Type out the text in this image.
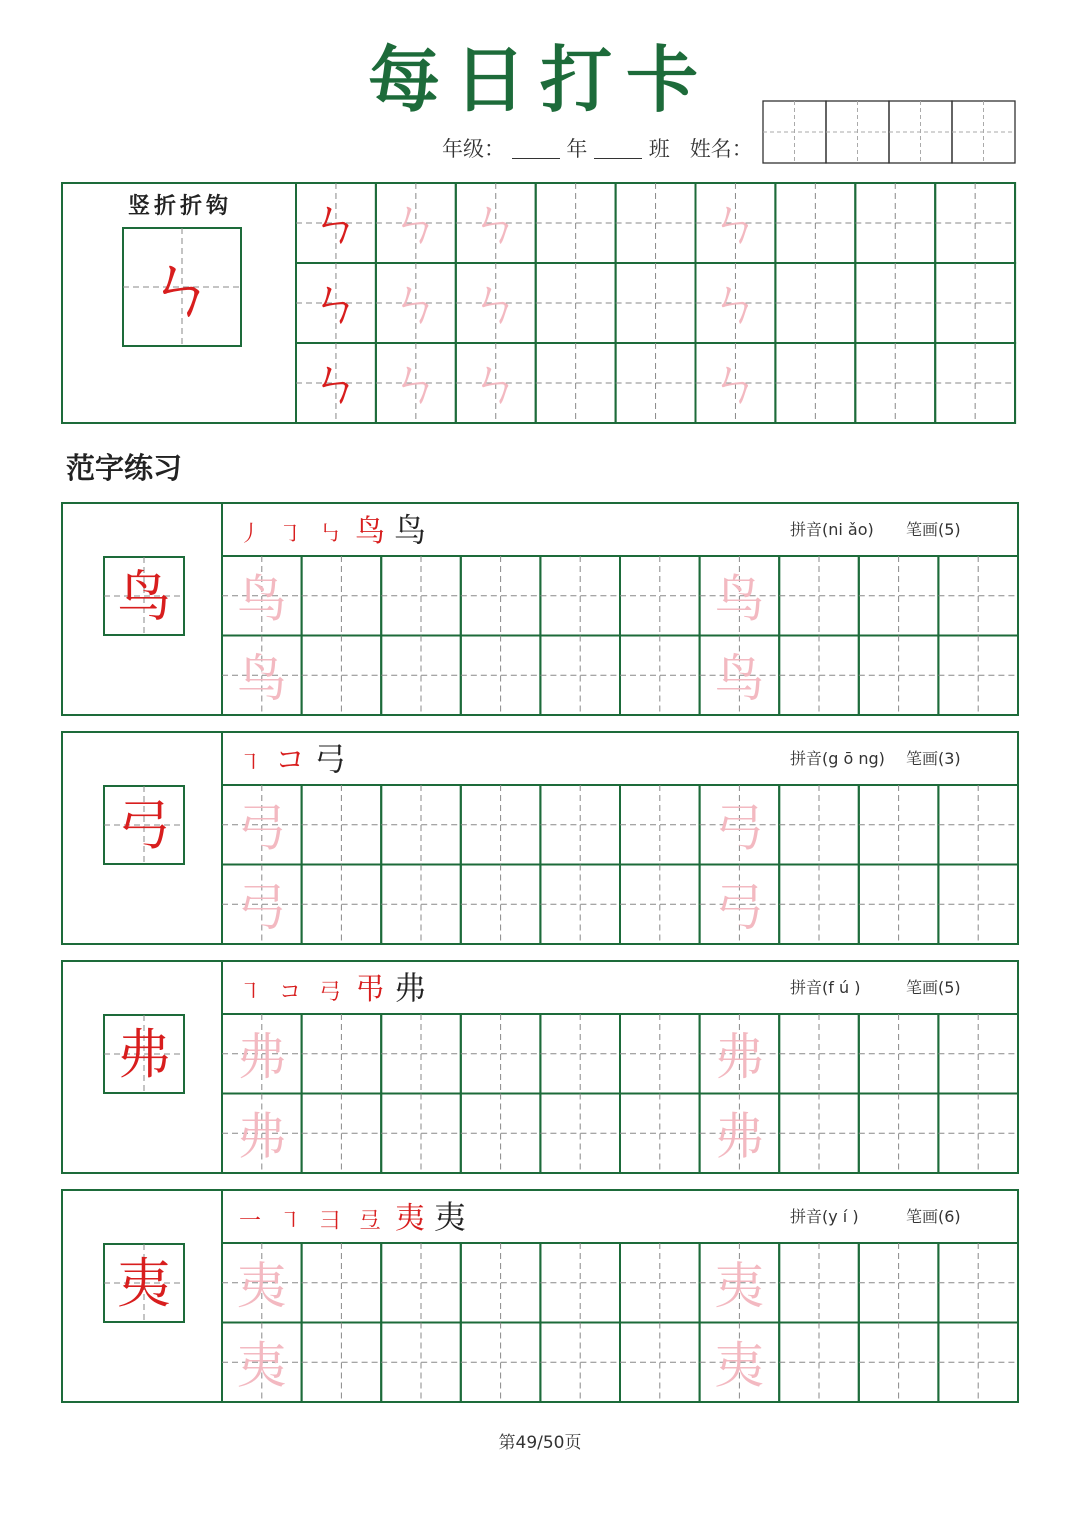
每日打卡
年级：	年	班 姓名：
竖折折钩
ㄣ
ㄣ ㄣ ㄣ	ㄣ
ㄣ ㄣ ㄣ	ㄣ
ㄣ ㄣ ㄣ	ㄣ
范字练习
鸟
丿 ㇆ ㇉ 鸟 鸟	拼音(ni ǎo) 笔画(5)
鸟	鸟
鸟	鸟
弓
㇕ コ 弓	拼音(g ō ng) 笔画(3)
弓	弓
弓	弓
弗
㇕ コ 弓 弔 弗	拼音(f ú )	笔画(5)
弗	弗
弗	弗
夷
一 ㇕ 彐 弖 夷 夷	拼音(y í )	笔画(6)
夷	夷
夷	夷
第49/50页
